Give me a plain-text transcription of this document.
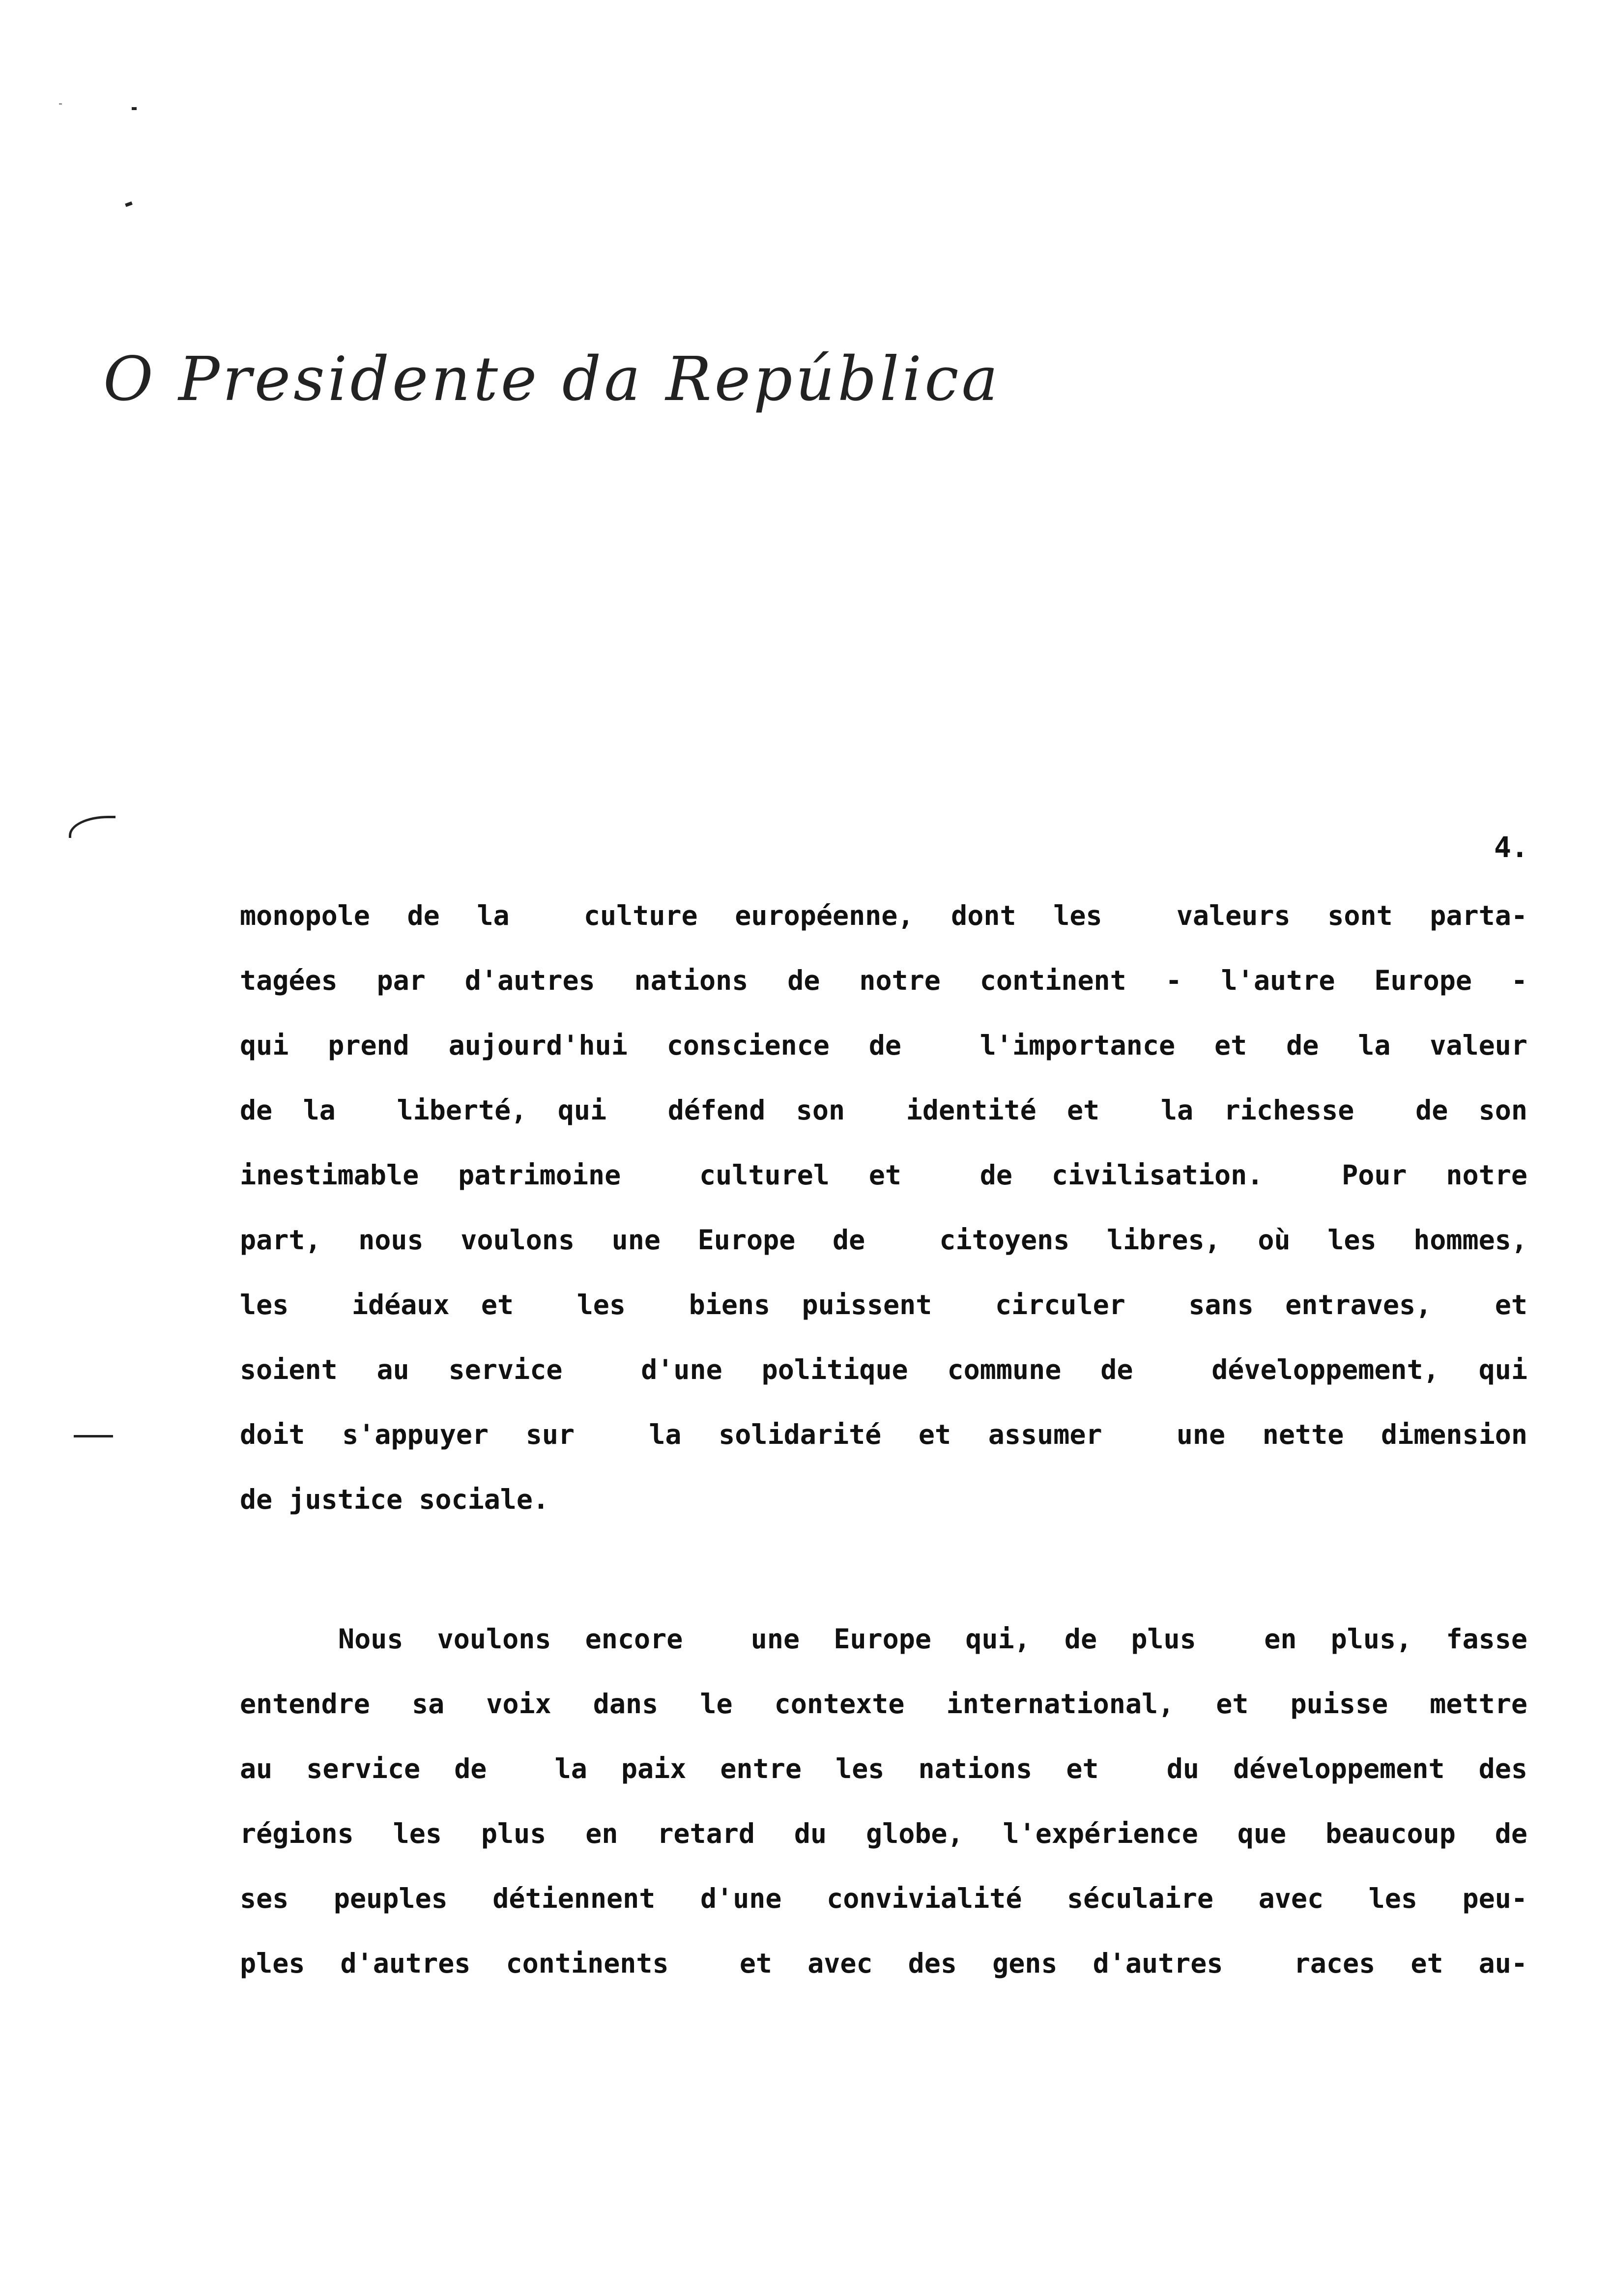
O Presidente da República
4.
monopole de la  culture européenne, dont les  valeurs sont parta-
tagées par d'autres nations de notre continent - l'autre Europe -
qui prend aujourd'hui conscience de  l'importance et de la valeur
de la  liberté, qui  défend son  identité et  la richesse  de son
inestimable patrimoine  culturel et  de civilisation.  Pour notre
part, nous voulons une Europe de  citoyens libres, où les hommes,
les  idéaux et  les  biens puissent  circuler  sans entraves,  et
soient au service  d'une politique commune de  développement, qui
doit s'appuyer sur  la solidarité et assumer  une nette dimension
de justice sociale.
Nous voulons encore  une Europe qui, de plus  en plus, fasse
entendre sa voix dans le contexte international, et puisse mettre
au service de  la paix entre les nations et  du développement des
régions les plus en retard du globe, l'expérience que beaucoup de
ses peuples détiennent d'une convivialité séculaire avec les peu-
ples d'autres continents  et avec des gens d'autres  races et au-
